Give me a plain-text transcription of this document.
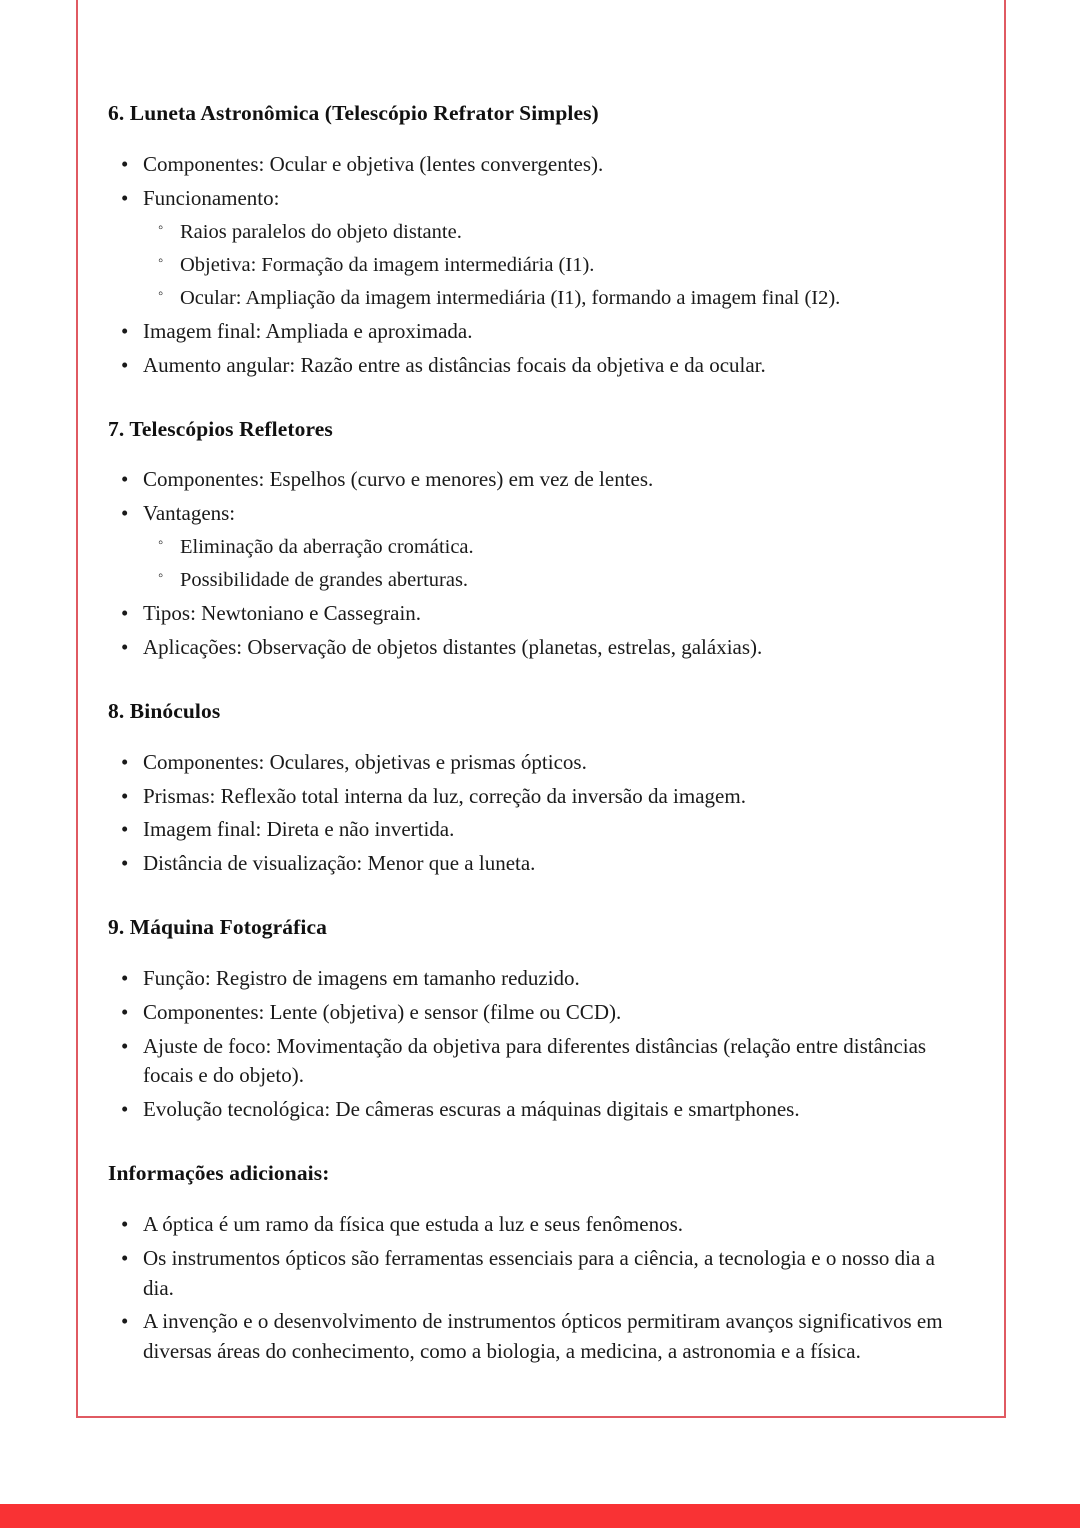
6. Luneta Astronômica (Telescópio Refrator Simples)
• Componentes: Ocular e objetiva (lentes convergentes).
• Funcionamento:
◦ Raios paralelos do objeto distante.
◦ Objetiva: Formação da imagem intermediária (I1).
◦ Ocular: Ampliação da imagem intermediária (I1), formando a imagem final (I2).
• Imagem final: Ampliada e aproximada.
• Aumento angular: Razão entre as distâncias focais da objetiva e da ocular.
7. Telescópios Refletores
• Componentes: Espelhos (curvo e menores) em vez de lentes.
• Vantagens:
◦ Eliminação da aberração cromática.
◦ Possibilidade de grandes aberturas.
• Tipos: Newtoniano e Cassegrain.
• Aplicações: Observação de objetos distantes (planetas, estrelas, galáxias).
8. Binóculos
• Componentes: Oculares, objetivas e prismas ópticos.
• Prismas: Reflexão total interna da luz, correção da inversão da imagem.
• Imagem final: Direta e não invertida.
• Distância de visualização: Menor que a luneta.
9. Máquina Fotográfica
• Função: Registro de imagens em tamanho reduzido.
• Componentes: Lente (objetiva) e sensor (filme ou CCD).
• Ajuste de foco: Movimentação da objetiva para diferentes distâncias (relação entre distâncias focais e do objeto).
• Evolução tecnológica: De câmeras escuras a máquinas digitais e smartphones.
Informações adicionais:
• A óptica é um ramo da física que estuda a luz e seus fenômenos.
• Os instrumentos ópticos são ferramentas essenciais para a ciência, a tecnologia e o nosso dia a dia.
• A invenção e o desenvolvimento de instrumentos ópticos permitiram avanços significativos em diversas áreas do conhecimento, como a biologia, a medicina, a astronomia e a física.
